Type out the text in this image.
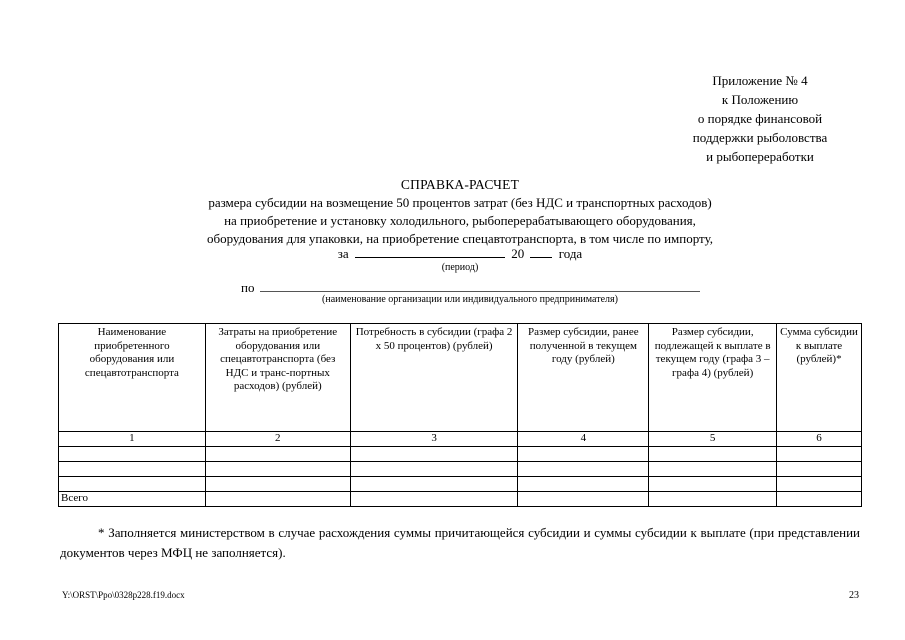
Приложение № 4
к Положению
о порядке финансовой
поддержки рыболовства
и рыбопереработки
СПРАВКА-РАСЧЕТ
размера субсидии на возмещение 50 процентов затрат (без НДС и транспортных расходов)
на приобретение и установку холодильного, рыбоперерабатывающего оборудования,
оборудования для упаковки, на приобретение спецавтотранспорта, в том числе по импорту,
за	20	года
(период)
по
(наименование организации или индивидуального предпринимателя)
Наименование приобретенного оборудования или спецавтотранспорта	Затраты на приобретение оборудования или спецавтотранспорта (без НДС и транс-портных расходов) (рублей)	Потребность в субсидии (графа 2 х 50 процентов) (рублей)	Размер субсидии, ранее полученной в текущем году (рублей)	Размер субсидии, подлежащей к выплате в текущем году (графа 3 – графа 4) (рублей)	Сумма субсидии к выплате (рублей)*
1	2	3	4	5	6

Всего					
* Заполняется министерством в случае расхождения суммы причитающейся субсидии и суммы субсидии к выплате (при представлении документов через МФЦ не заполняется).
Y:\ORST\Ppo\0328p228.f19.docx	23
